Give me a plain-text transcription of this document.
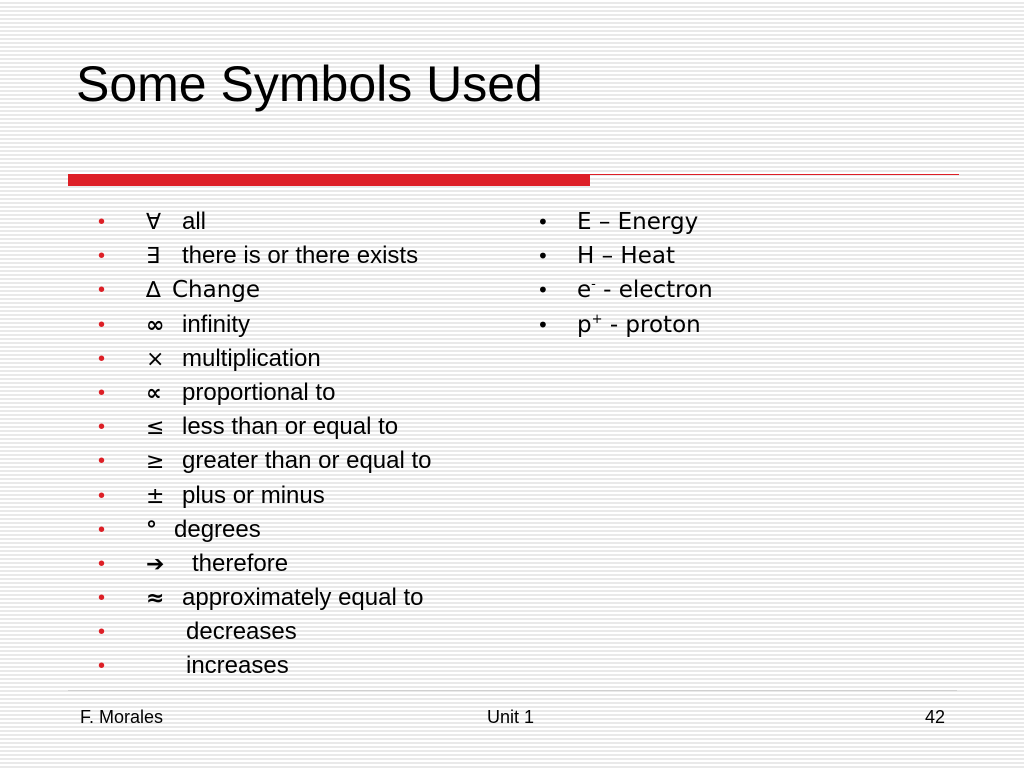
Some Symbols Used
• ∀ all
• ∃ there is or there exists
• ∆ Change
• ∞ infinity
• × multiplication
• ∝ proportional to
• ≤ less than or equal to
• ≥ greater than or equal to
• ± plus or minus
• ° degrees
• ➔ therefore
• ≈ approximately equal to
•	decreases
•	increases
• E – Energy
• H – Heat
• e- - electron
• p+ - proton
F. Morales	Unit 1	42
